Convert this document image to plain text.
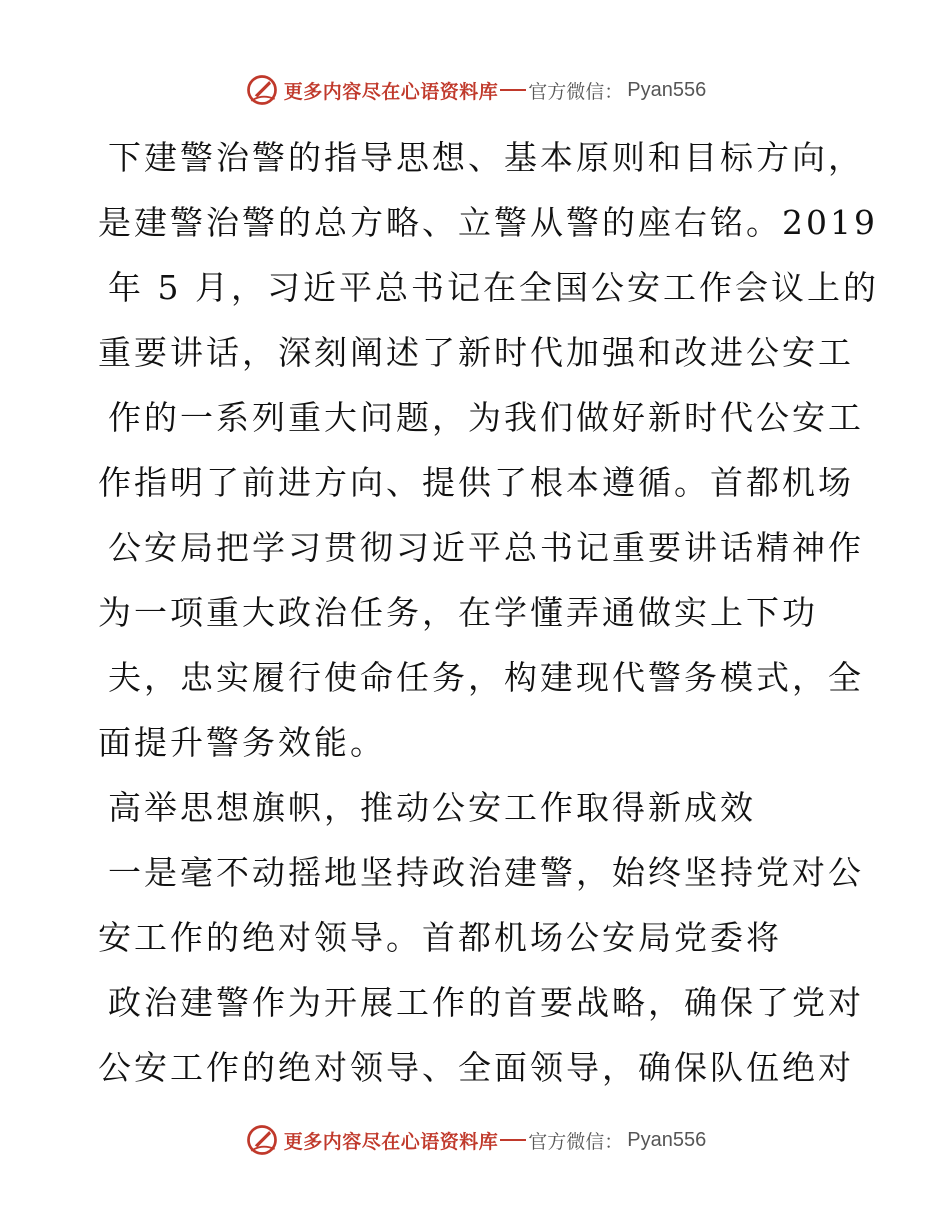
更多内容尽在心语资料库 官方微信： Pyan556
下建警治警的指导思想、基本原则和目标方向，
是建警治警的总方略、立警从警的座右铭。2019
年 5 月，习近平总书记在全国公安工作会议上的
重要讲话，深刻阐述了新时代加强和改进公安工
作的一系列重大问题，为我们做好新时代公安工
作指明了前进方向、提供了根本遵循。首都机场
公安局把学习贯彻习近平总书记重要讲话精神作
为一项重大政治任务，在学懂弄通做实上下功
夫，忠实履行使命任务，构建现代警务模式，全
面提升警务效能。
高举思想旗帜，推动公安工作取得新成效
一是毫不动摇地坚持政治建警，始终坚持党对公
安工作的绝对领导。首都机场公安局党委将
政治建警作为开展工作的首要战略，确保了党对
公安工作的绝对领导、全面领导，确保队伍绝对
更多内容尽在心语资料库 官方微信： Pyan556
